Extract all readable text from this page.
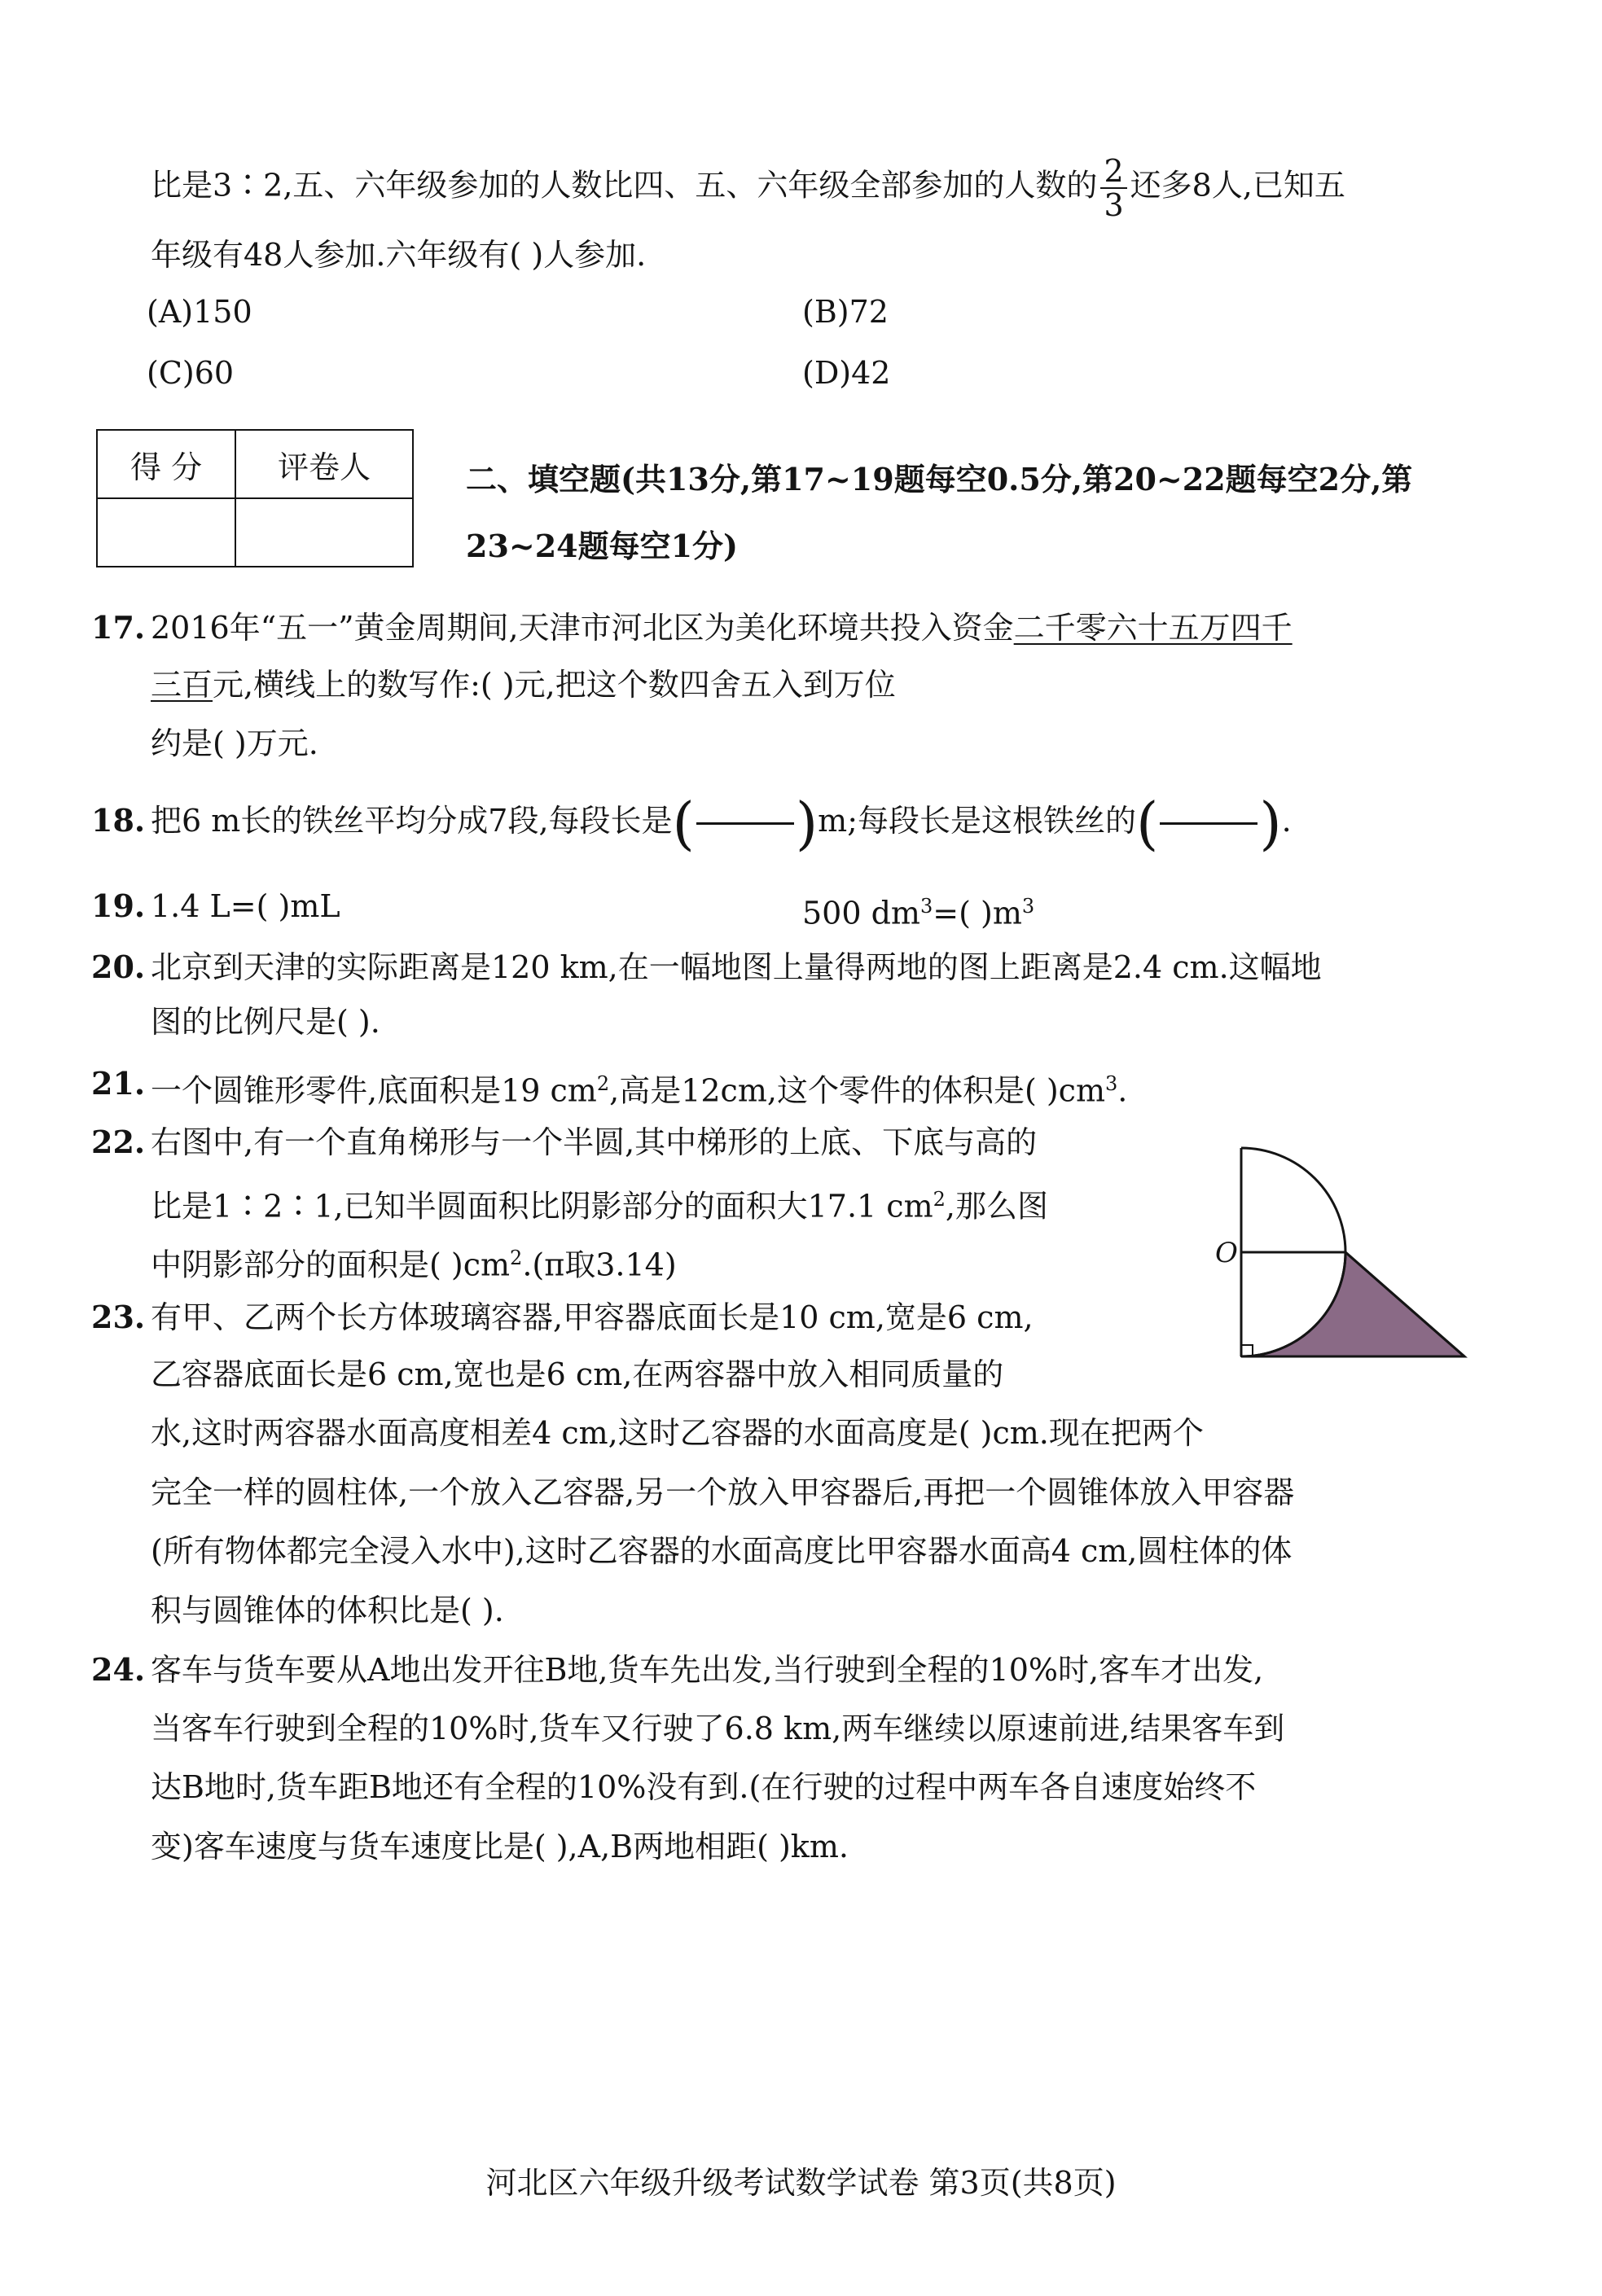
比是3∶2,五、六年级参加的人数比四、五、六年级全部参加的人数的 $\frac{2}{3}$ 还多8人,已知五
年级有48人参加.六年级有( )人参加.
(A)150	(B)72
(C)60	(D)42
得 分	评卷人
		二、填空题(共13分,第17~19题每空0.5分,第20~22题每空2分,第23~24题每空1分)
17. 2016年“五一”黄金周期间,天津市河北区为美化环境共投入资金二千零六十五万四千
三百元,横线上的数写作:( )元,把这个数四舍五入到万位
约是( )万元.
18. 把6 m长的铁丝平均分成7段,每段长是( )m;每段长是这根铁丝的( ).
19. 1.4 L=( )mL	500 $dm^3=$( )$m^3$
20. 北京到天津的实际距离是120 km,在一幅地图上量得两地的图上距离是2.4 cm.这幅地
图的比例尺是( ).
21. 一个圆锥形零件,底面积是19 $cm^2$,高是12cm,这个零件的体积是( )$cm^3$.
22. 右图中,有一个直角梯形与一个半圆,其中梯形的上底、下底与高的
比是1∶2∶1,已知半圆面积比阴影部分的面积大17.1 $cm^2$,那么图
中阴影部分的面积是( )$cm^2.(\pi$取3.14)	O
23. 有甲、乙两个长方体玻璃容器,甲容器底面长是10 cm,宽是6 cm,
乙容器底面长是6 cm,宽也是6 cm,在两容器中放入相同质量的
水,这时两容器水面高度相差4 cm,这时乙容器的水面高度是( )cm.现在把两个
完全一样的圆柱体,一个放入乙容器,另一个放入甲容器后,再把一个圆锥体放入甲容器
(所有物体都完全浸入水中),这时乙容器的水面高度比甲容器水面高4 cm,圆柱体的体
积与圆锥体的体积比是( ).
24. 客车与货车要从A地出发开往B地,货车先出发,当行驶到全程的10%时,客车才出发,
当客车行驶到全程的10%时,货车又行驶了6.8 km,两车继续以原速前进,结果客车到
达B地时,货车距B地还有全程的10%没有到.(在行驶的过程中两车各自速度始终不
变)客车速度与货车速度比是( ),A,B两地相距( )km.
河北区六年级升级考试数学试卷 第3页(共8页)
